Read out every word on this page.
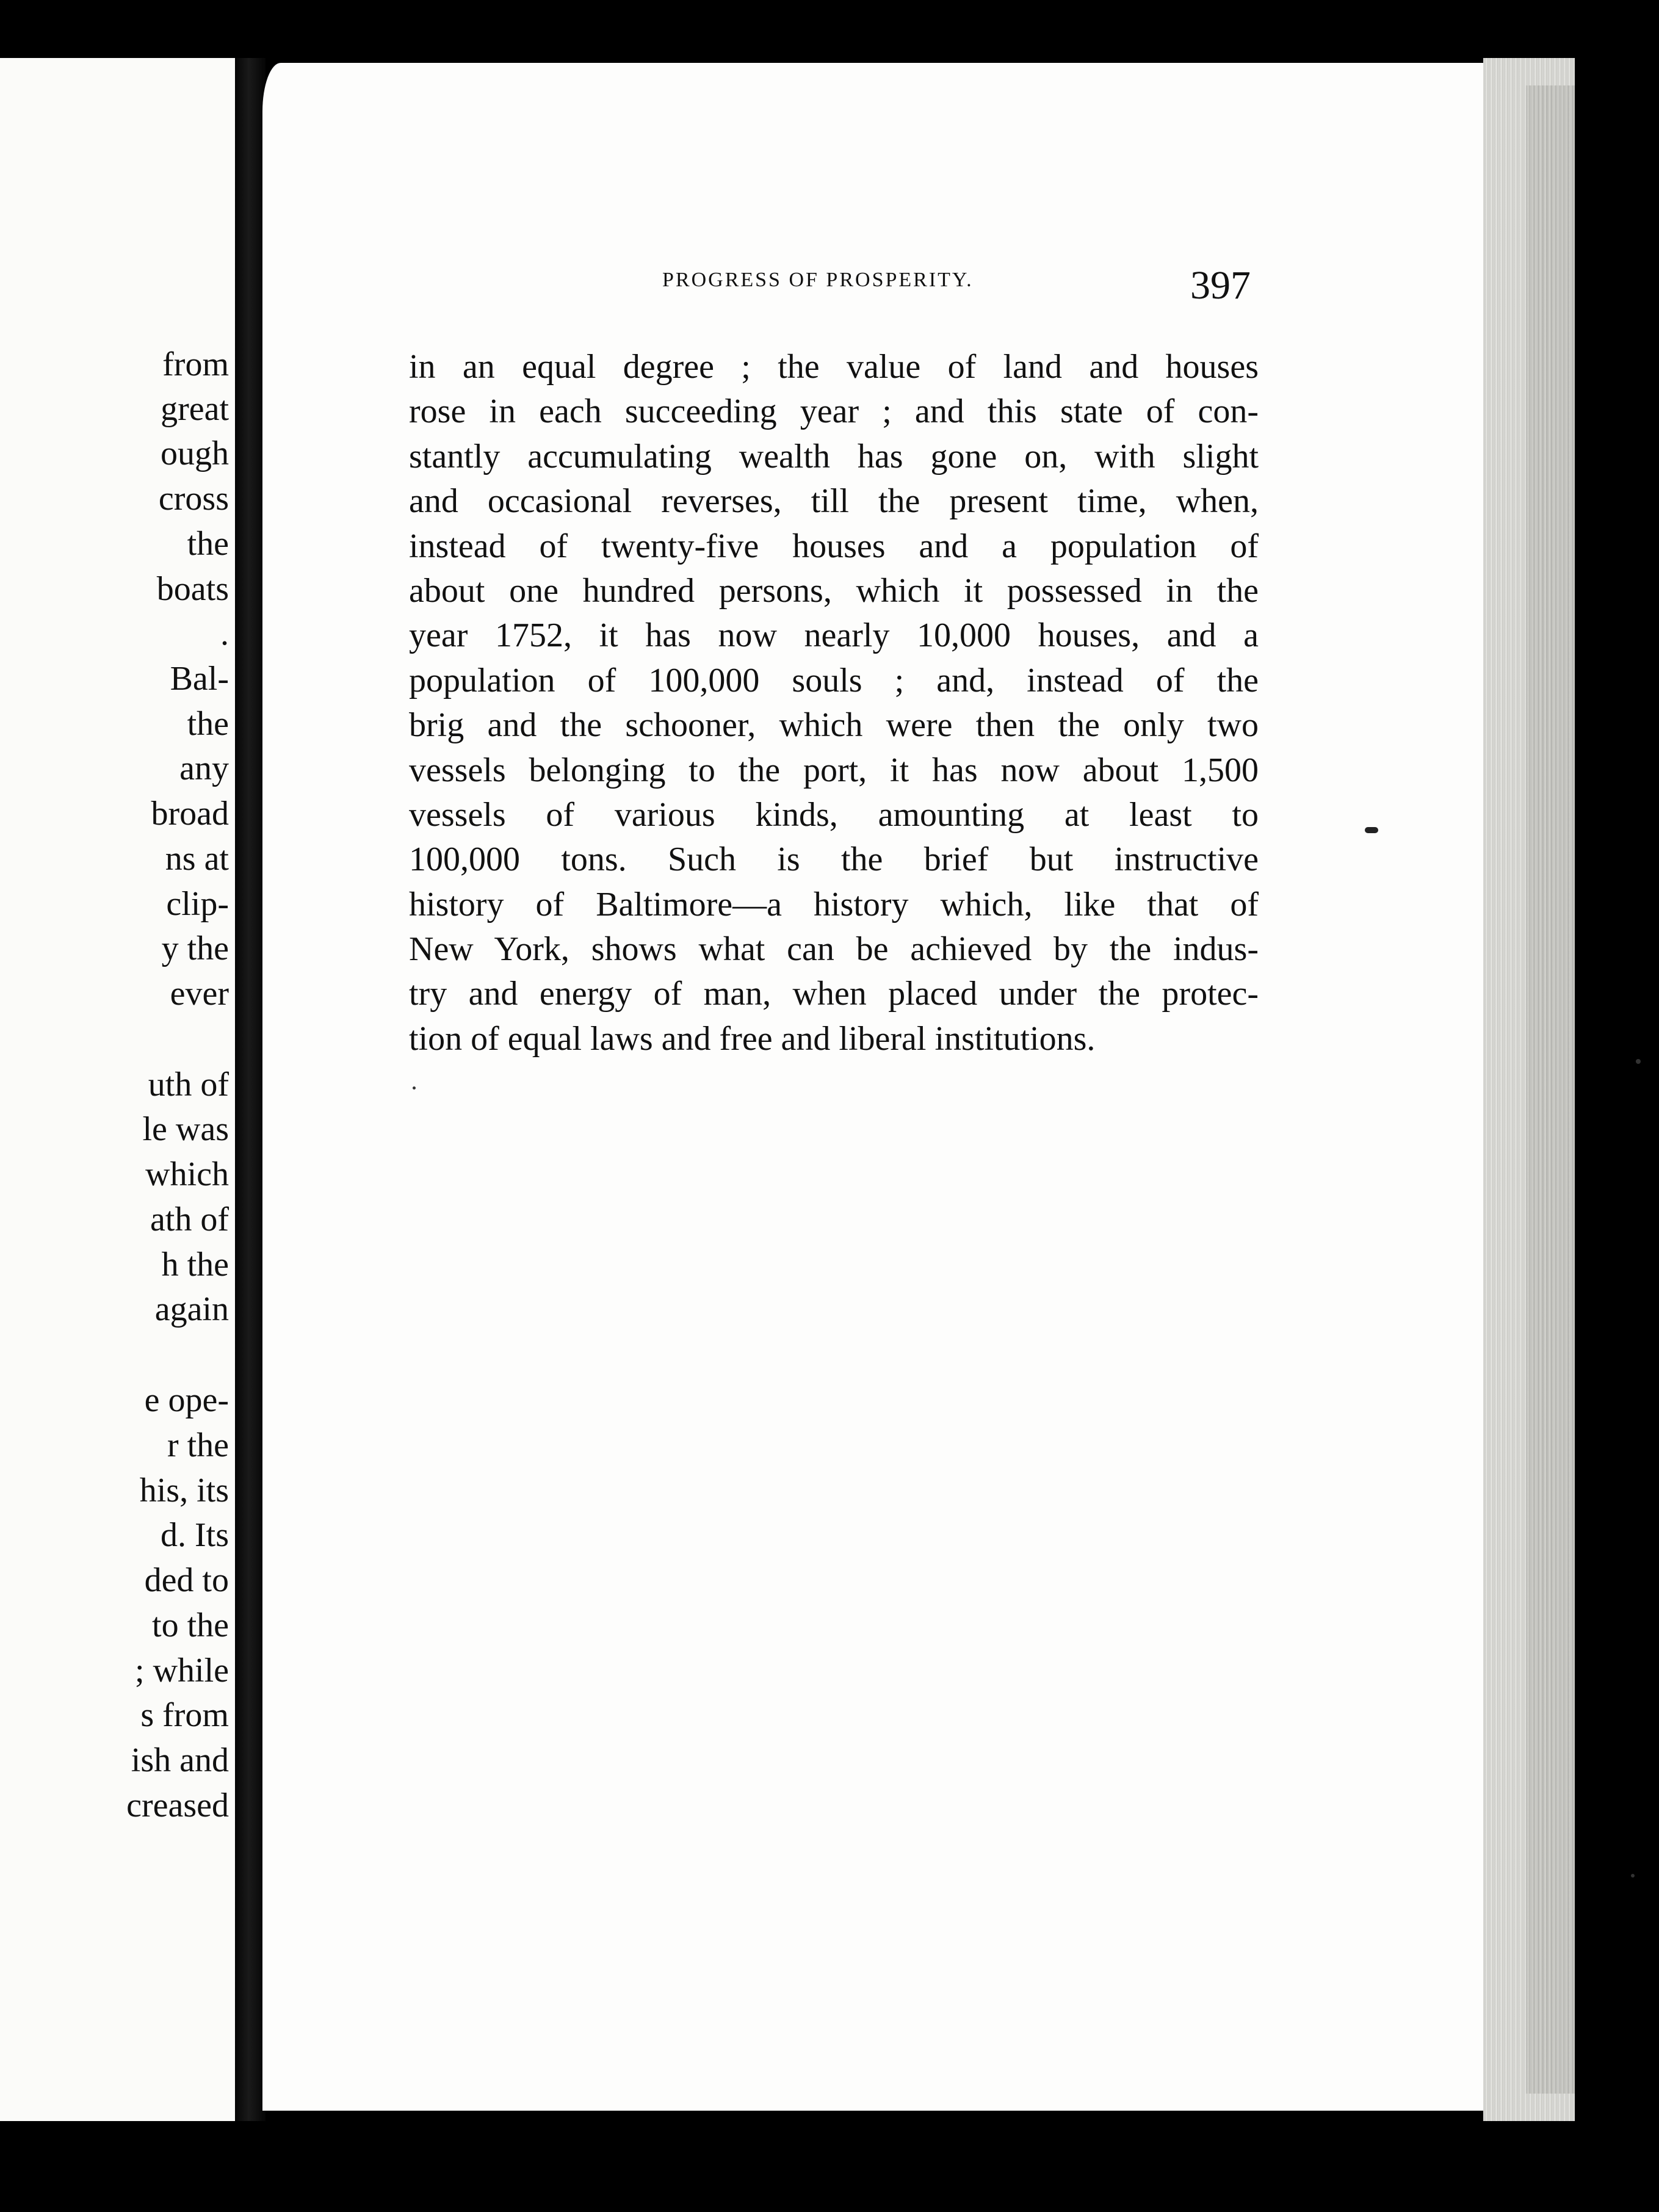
from
great
ough
cross
the
boats
.
Bal-
the
any
broad
ns at
clip-
y the
ever
uth of
le was
which
ath of
h the
again
e ope-
r the
his, its
d. Its
ded to
to the
; while
s from
ish and
creased
PROGRESS OF PROSPERITY.	397
in an equal degree ; the value of land and houses
rose in each succeeding year ; and this state of con-
stantly accumulating wealth has gone on, with slight
and occasional reverses, till the present time, when,
instead of twenty-five houses and a population of
about one hundred persons, which it possessed in the
year 1752, it has now nearly 10,000 houses, and a
population of 100,000 souls ; and, instead of the
brig and the schooner, which were then the only two
vessels belonging to the port, it has now about 1,500
vessels of various kinds, amounting at least to
100,000 tons. Such is the brief but instructive
history of Baltimore—a history which, like that of
New York, shows what can be achieved by the indus-
try and energy of man, when placed under the protec-
tion of equal laws and free and liberal institutions.
